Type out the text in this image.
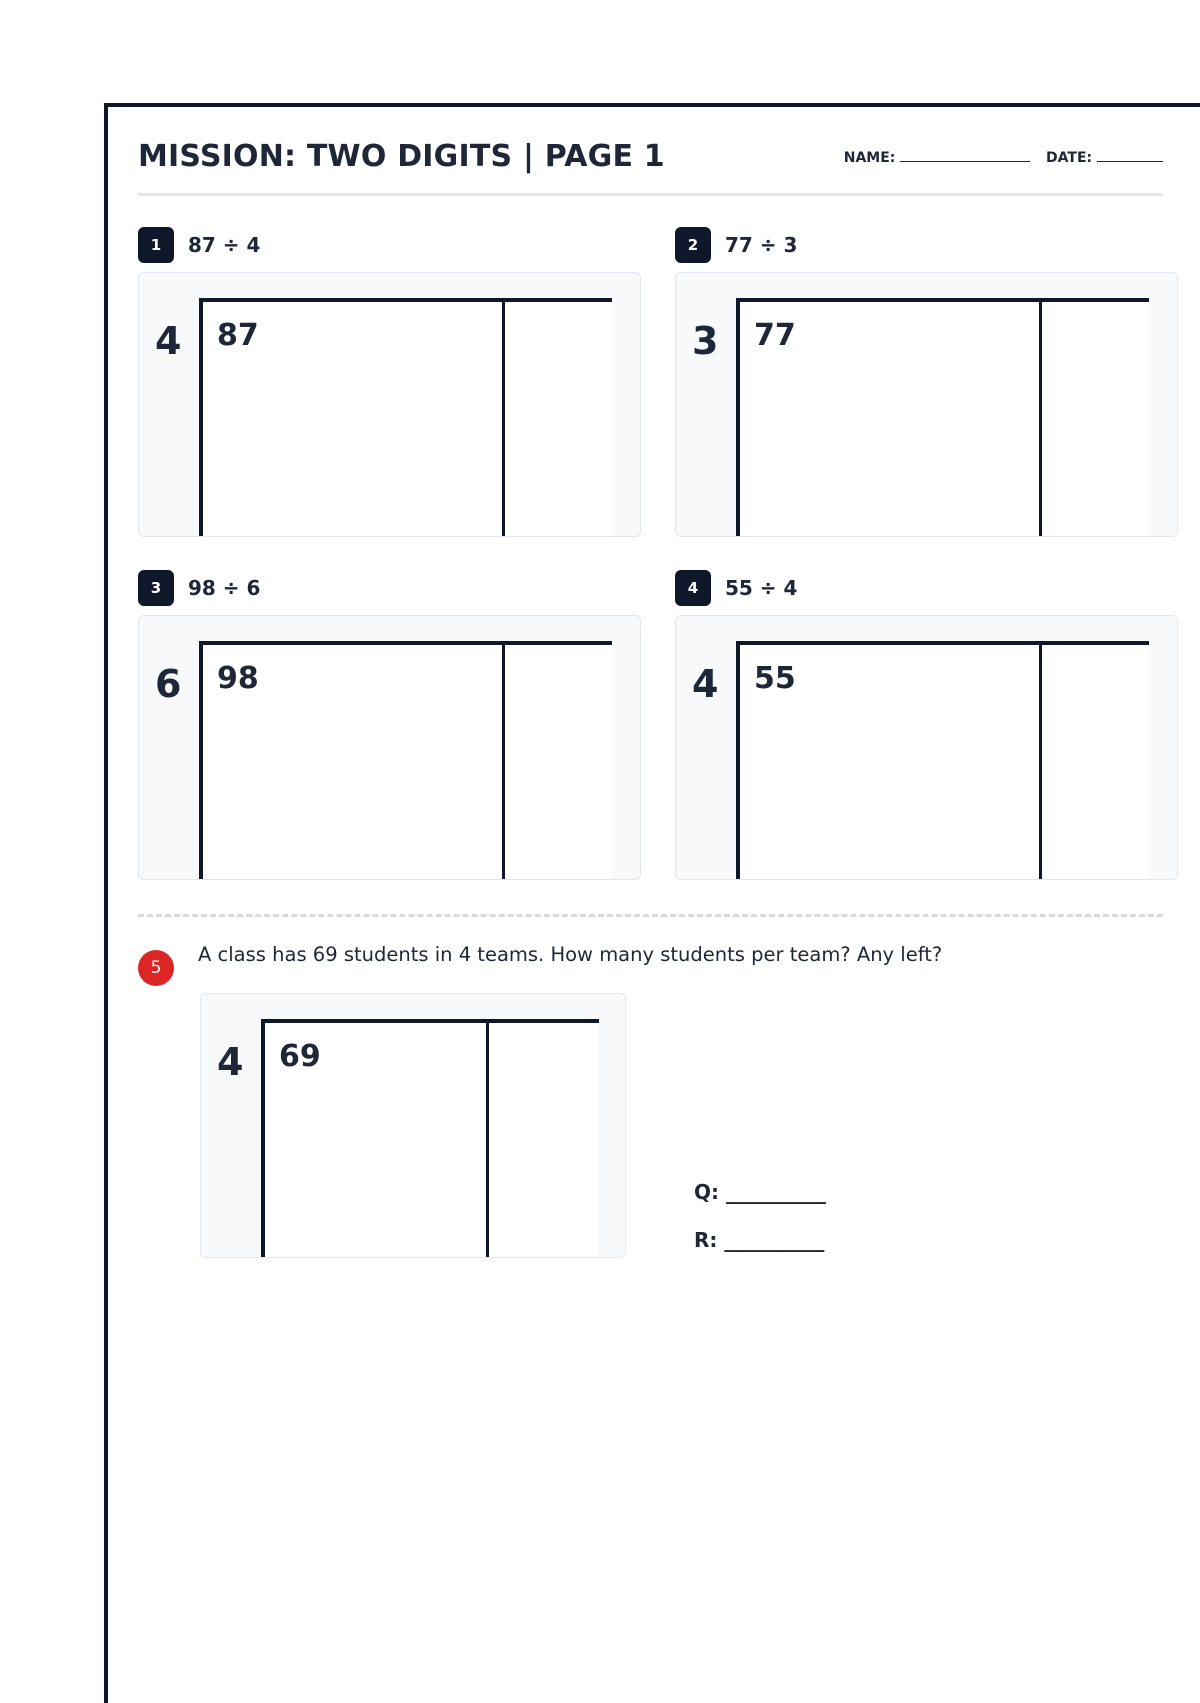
MISSION: TWO DIGITS | PAGE 1	NAME:	DATE:
1	87 ÷ 4
4 87
2	77 ÷ 3
3 77
3	98 ÷ 6
6 98
4	55 ÷ 4
4 55
5
A class has 69 students in 4 teams. How many students per team? Any left?
4 69
Q: __________
R: __________
